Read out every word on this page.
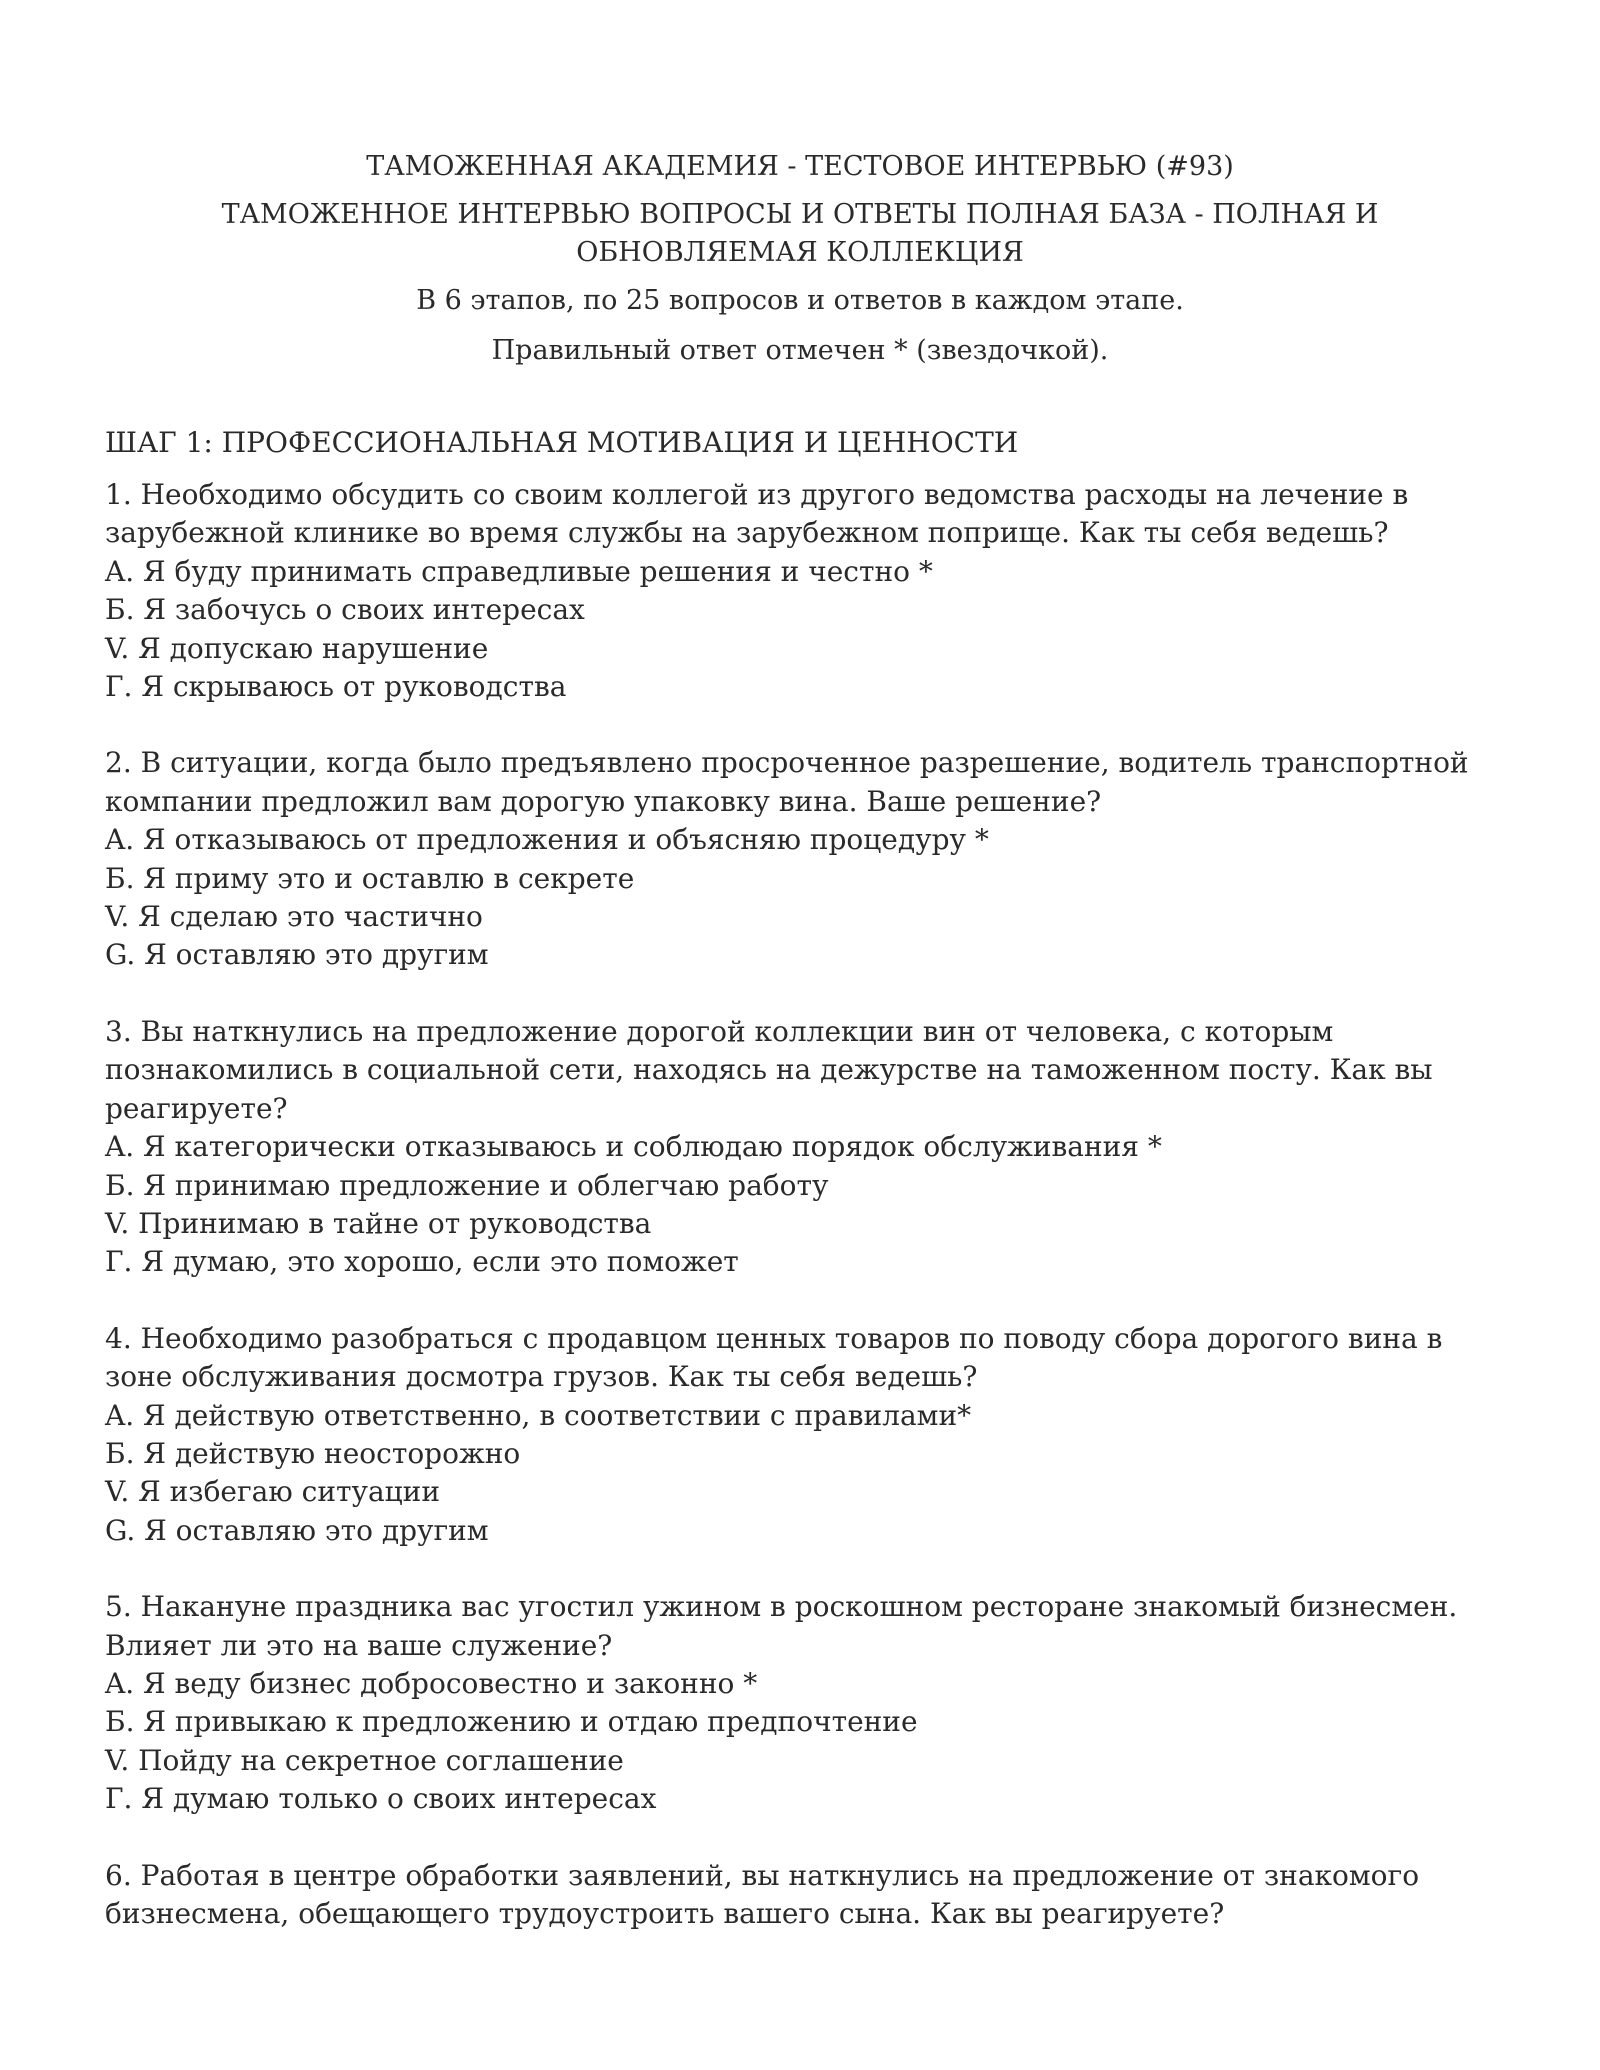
ТАМОЖЕННАЯ АКАДЕМИЯ - ТЕСТОВОЕ ИНТЕРВЬЮ (#93)

ТАМОЖЕННОЕ ИНТЕРВЬЮ ВОПРОСЫ И ОТВЕТЫ ПОЛНАЯ БАЗА - ПОЛНАЯ И ОБНОВЛЯЕМАЯ КОЛЛЕКЦИЯ

В 6 этапов, по 25 вопросов и ответов в каждом этапе.

Правильный ответ отмечен * (звездочкой).

ШАГ 1: ПРОФЕССИОНАЛЬНАЯ МОТИВАЦИЯ И ЦЕННОСТИ

1. Необходимо обсудить со своим коллегой из другого ведомства расходы на лечение в зарубежной клинике во время службы на зарубежном поприще. Как ты себя ведешь?

A. Я буду принимать справедливые решения и честно *

Б. Я забочусь о своих интересах

V. Я допускаю нарушение

Г. Я скрываюсь от руководства

2. В ситуации, когда было предъявлено просроченное разрешение, водитель транспортной компании предложил вам дорогую упаковку вина. Ваше решение?

A. Я отказываюсь от предложения и объясняю процедуру *

Б. Я приму это и оставлю в секрете

V. Я сделаю это частично

G. Я оставляю это другим

3. Вы наткнулись на предложение дорогой коллекции вин от человека, с которым познакомились в социальной сети, находясь на дежурстве на таможенном посту. Как вы реагируете?

A. Я категорически отказываюсь и соблюдаю порядок обслуживания *

Б. Я принимаю предложение и облегчаю работу

V. Принимаю в тайне от руководства

Г. Я думаю, это хорошо, если это поможет

4. Необходимо разобраться с продавцом ценных товаров по поводу сбора дорогого вина в зоне обслуживания досмотра грузов. Как ты себя ведешь?

A. Я действую ответственно, в соответствии с правилами*

Б. Я действую неосторожно

V. Я избегаю ситуации

G. Я оставляю это другим

5. Накануне праздника вас угостил ужином в роскошном ресторане знакомый бизнесмен. Влияет ли это на ваше служение?

A. Я веду бизнес добросовестно и законно *

Б. Я привыкаю к предложению и отдаю предпочтение

V. Пойду на секретное соглашение

Г. Я думаю только о своих интересах

6. Работая в центре обработки заявлений, вы наткнулись на предложение от знакомого бизнесмена, обещающего трудоустроить вашего сына. Как вы реагируете?
